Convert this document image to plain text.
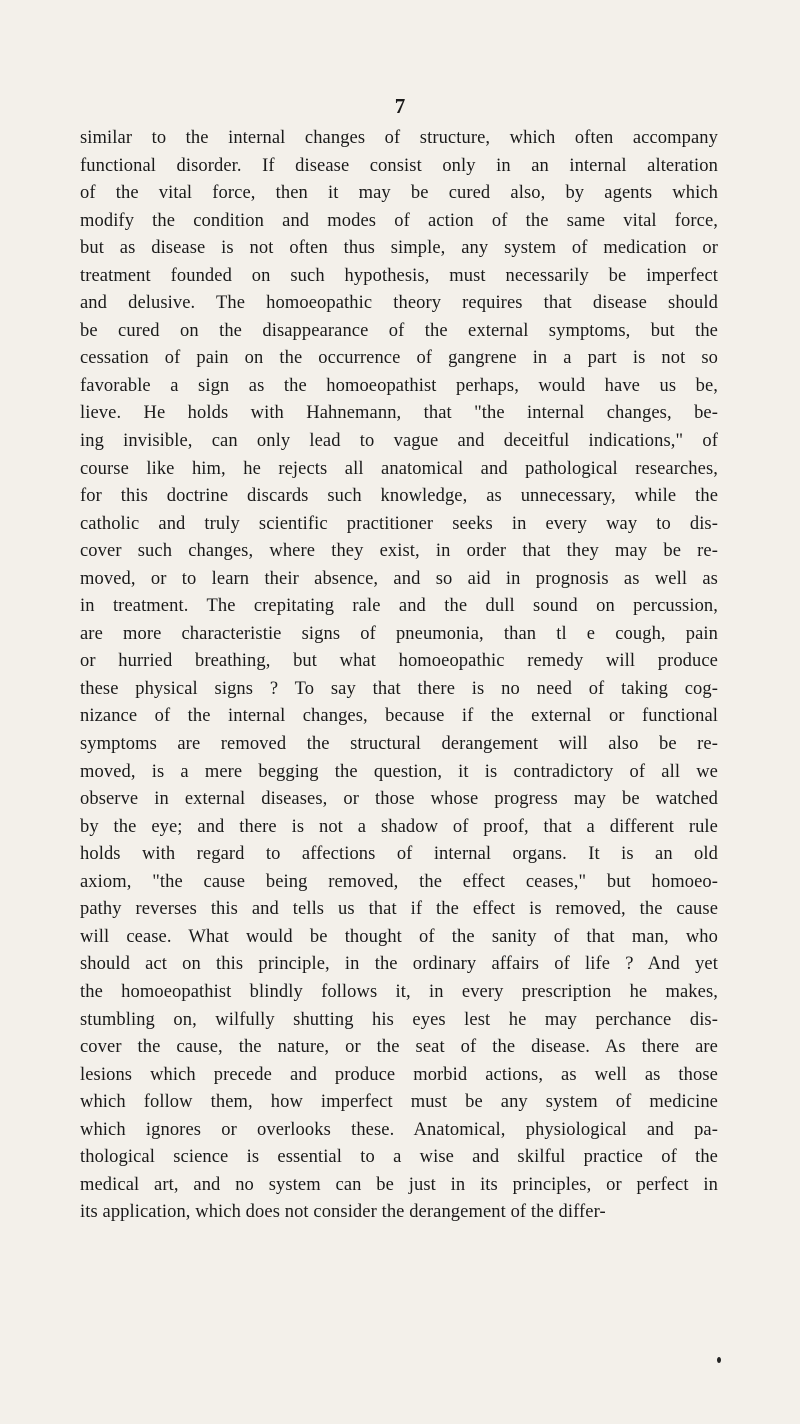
7
similar to the internal changes of structure, which often accompany
functional disorder. If disease consist only in an internal alteration
of the vital force, then it may be cured also, by agents which
modify the condition and modes of action of the same vital force,
but as disease is not often thus simple, any system of medication or
treatment founded on such hypothesis, must necessarily be imperfect
and delusive. The homoeopathic theory requires that disease should
be cured on the disappearance of the external symptoms, but the
cessation of pain on the occurrence of gangrene in a part is not so
favorable a sign as the homoeopathist perhaps, would have us be,
lieve. He holds with Hahnemann, that "the internal changes, be-
ing invisible, can only lead to vague and deceitful indications," of
course like him, he rejects all anatomical and pathological researches,
for this doctrine discards such knowledge, as unnecessary, while the
catholic and truly scientific practitioner seeks in every way to dis-
cover such changes, where they exist, in order that they may be re-
moved, or to learn their absence, and so aid in prognosis as well as
in treatment. The crepitating rale and the dull sound on percussion,
are more characteristie signs of pneumonia, than tl e cough, pain
or hurried breathing, but what homoeopathic remedy will produce
these physical signs ? To say that there is no need of taking cog-
nizance of the internal changes, because if the external or functional
symptoms are removed the structural derangement will also be re-
moved, is a mere begging the question, it is contradictory of all we
observe in external diseases, or those whose progress may be watched
by the eye; and there is not a shadow of proof, that a different rule
holds with regard to affections of internal organs. It is an old
axiom, "the cause being removed, the effect ceases," but homoeo-
pathy reverses this and tells us that if the effect is removed, the cause
will cease. What would be thought of the sanity of that man, who
should act on this principle, in the ordinary affairs of life ? And yet
the homoeopathist blindly follows it, in every prescription he makes,
stumbling on, wilfully shutting his eyes lest he may perchance dis-
cover the cause, the nature, or the seat of the disease. As there are
lesions which precede and produce morbid actions, as well as those
which follow them, how imperfect must be any system of medicine
which ignores or overlooks these. Anatomical, physiological and pa-
thological science is essential to a wise and skilful practice of the
medical art, and no system can be just in its principles, or perfect in
its application, which does not consider the derangement of the differ-
